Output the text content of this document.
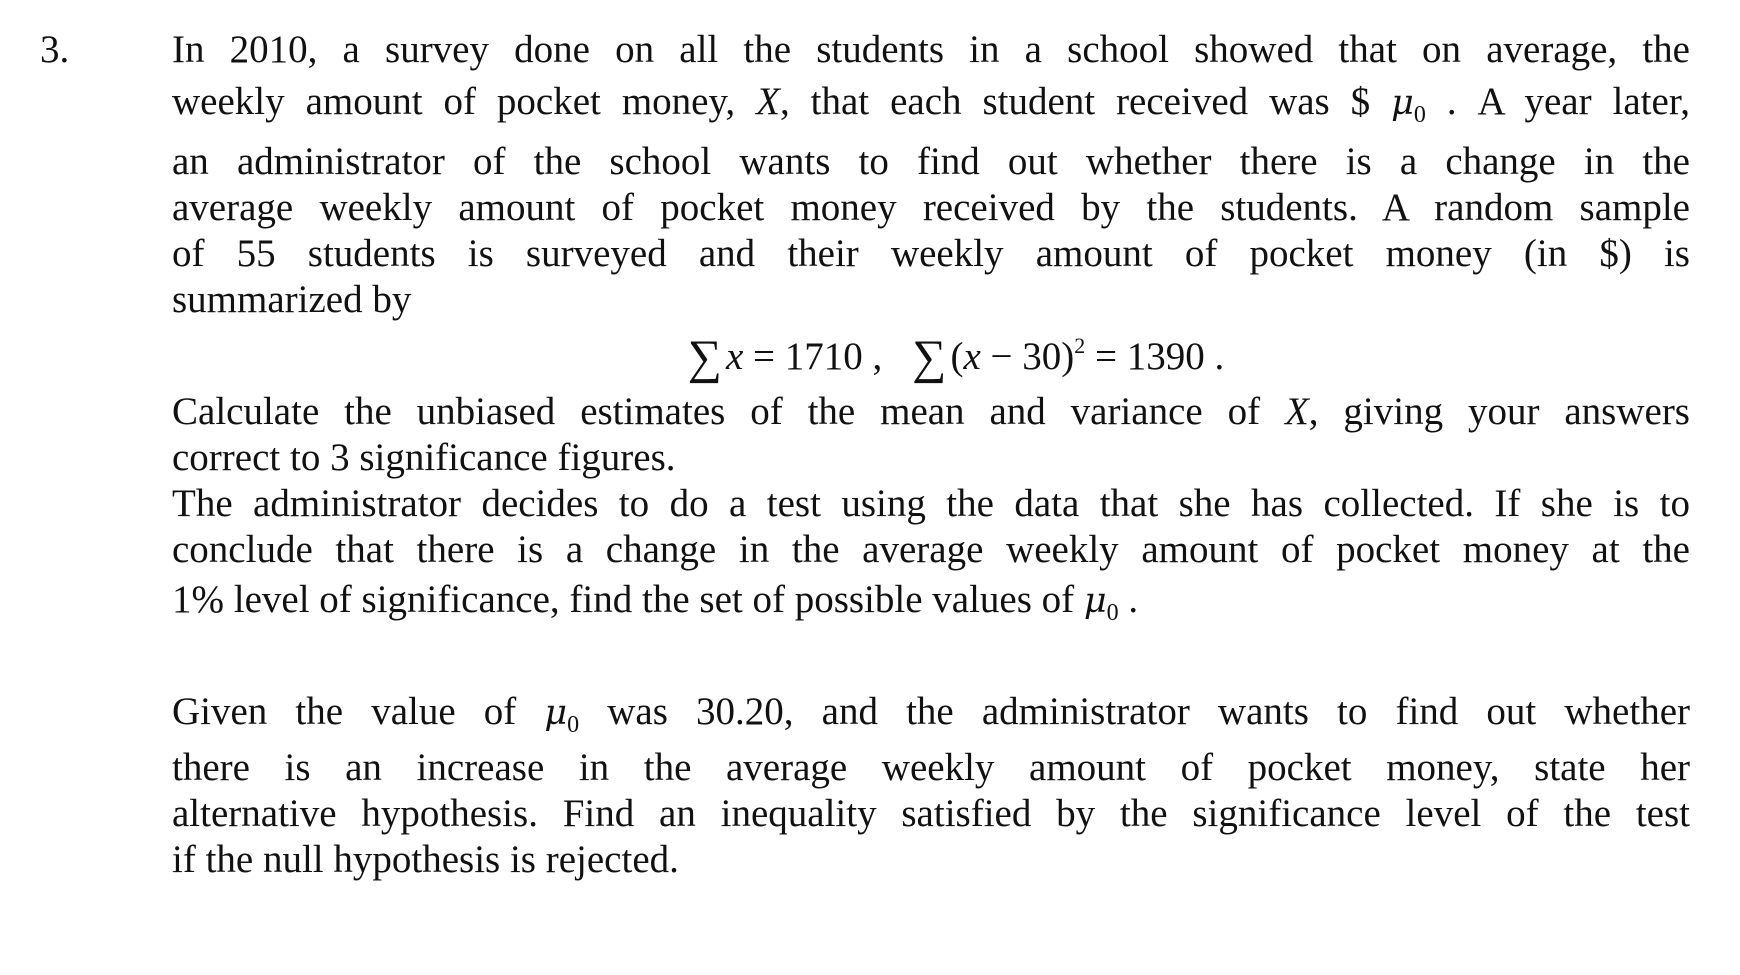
3.	In 2010, a survey done on all the students in a school showed that on average, the
weekly amount of pocket money, X, that each student received was $ $\mu_0$ . A year later,
an administrator of the school wants to find out whether there is a change in the
average weekly amount of pocket money received by the students. A random sample
of 55 students is surveyed and their weekly amount of pocket money (in $) is
summarized by
∑ x = 1710 , ∑ $(x - 30)^2 = 1390$ .
Calculate the unbiased estimates of the mean and variance of X, giving your answers
correct to 3 significance figures.
The administrator decides to do a test using the data that she has collected. If she is to
conclude that there is a change in the average weekly amount of pocket money at the
1% level of significance, find the set of possible values of $\mu_0$ .
Given the value of $\mu_0$ was 30.20, and the administrator wants to find out whether
there is an increase in the average weekly amount of pocket money, state her
alternative hypothesis. Find an inequality satisfied by the significance level of the test
if the null hypothesis is rejected.
